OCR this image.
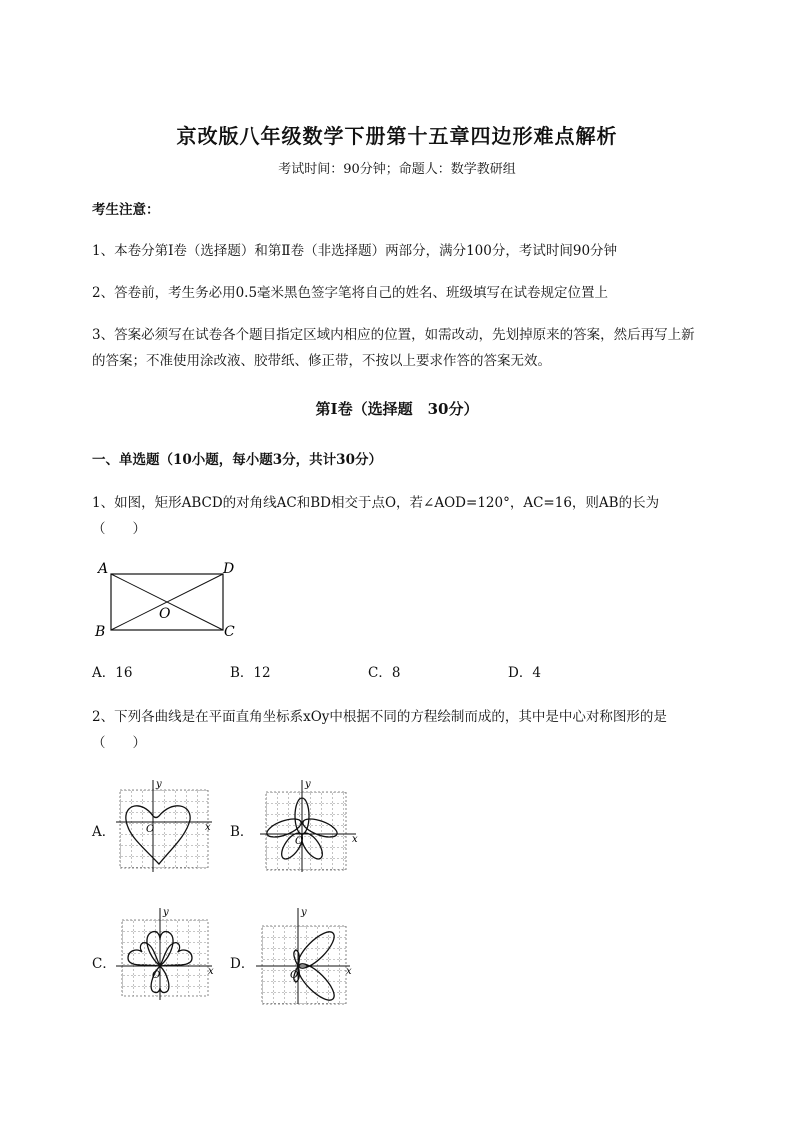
京改版八年级数学下册第十五章四边形难点解析
考试时间：90分钟；命题人：数学教研组
考生注意：
1、本卷分第I卷（选择题）和第Ⅱ卷（非选择题）两部分，满分100分，考试时间90分钟
2、答卷前，考生务必用0.5毫米黑色签字笔将自己的姓名、班级填写在试卷规定位置上
3、答案必须写在试卷各个题目指定区域内相应的位置，如需改动，先划掉原来的答案，然后再写上新
的答案；不准使用涂改液、胶带纸、修正带，不按以上要求作答的答案无效。
第I卷（选择题　30分）
一、单选题（10小题，每小题3分，共计30分）
1、如图，矩形ABCD的对角线AC和BD相交于点O，若∠AOD=120°，AC=16，则AB的长为
（　　）
A
B	C
D
O
A．16	B．12	C．8	D．4
2、下列各曲线是在平面直角坐标系xOy中根据不同的方程绘制而成的，其中是中心对称图形的是
（　　）
A．
y
x
O	B．
y
x
O
C．
y
x
O
D．
y
x
O
